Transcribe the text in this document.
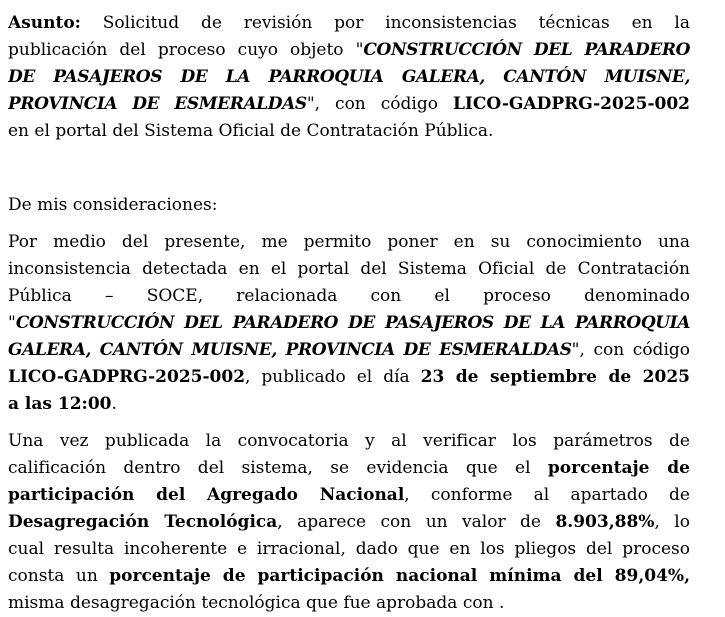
Asunto: Solicitud de revisión por inconsistencias técnicas en la
publicación del proceso cuyo objeto "CONSTRUCCIÓN DEL PARADERO
DE PASAJEROS DE LA PARROQUIA GALERA, CANTÓN MUISNE,
PROVINCIA DE ESMERALDAS", con código LICO-GADPRG-2025-002
en el portal del Sistema Oficial de Contratación Pública.

De mis consideraciones:
Por medio del presente, me permito poner en su conocimiento una
inconsistencia detectada en el portal del Sistema Oficial de Contratación
Pública – SOCE, relacionada con el proceso denominado
"CONSTRUCCIÓN DEL PARADERO DE PASAJEROS DE LA PARROQUIA
GALERA, CANTÓN MUISNE, PROVINCIA DE ESMERALDAS", con código
LICO-GADPRG-2025-002, publicado el día 23 de septiembre de 2025
a las 12:00.
Una vez publicada la convocatoria y al verificar los parámetros de
calificación dentro del sistema, se evidencia que el porcentaje de
participación del Agregado Nacional, conforme al apartado de
Desagregación Tecnológica, aparece con un valor de 8.903,88%, lo
cual resulta incoherente e irracional, dado que en los pliegos del proceso
consta un porcentaje de participación nacional mínima del 89,04%,
misma desagregación tecnológica que fue aprobada con .
